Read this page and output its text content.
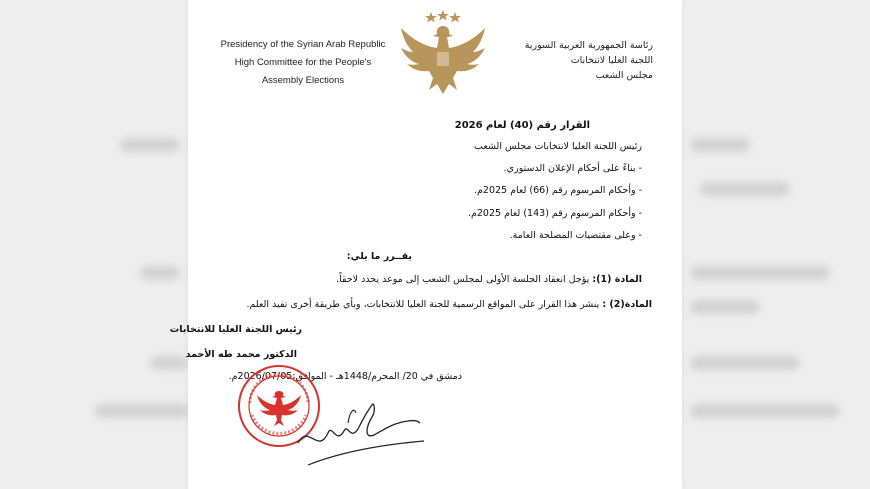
Presidency of the Syrian Arab Republic
High Committee for the People's
Assembly Elections
رئاسة الجمهورية العربية السورية
اللجنة العليا لانتخابات
مجلس الشعب
القرار رقم (40) لعام 2026
رئيس اللجنة العليا لانتخابات مجلس الشعب
- بناءً على أحكام الإعلان الدستوري.
- وأحكام المرسوم رقم (66) لعام 2025م.
- وأحكام المرسوم رقم (143) لعام 2025م.
- وعلى مقتضيات المصلحة العامة.
يقــرر ما يلي:
المادة (1): يؤجل انعقاد الجلسة الأولى لمجلس الشعب إلى موعد يحدد لاحقاً.
المادة(2) : ينشر هذا القرار على المواقع الرسمية للجنة العليا للانتخابات، وبأي طريقة أخرى تفيد العلم.
رئيس اللجنة العليا للانتخابات
الدكتور محمد طه الأحمد
دمشق في 20/ المحرم/1448هـ - الموافق:2026/07/05م.
